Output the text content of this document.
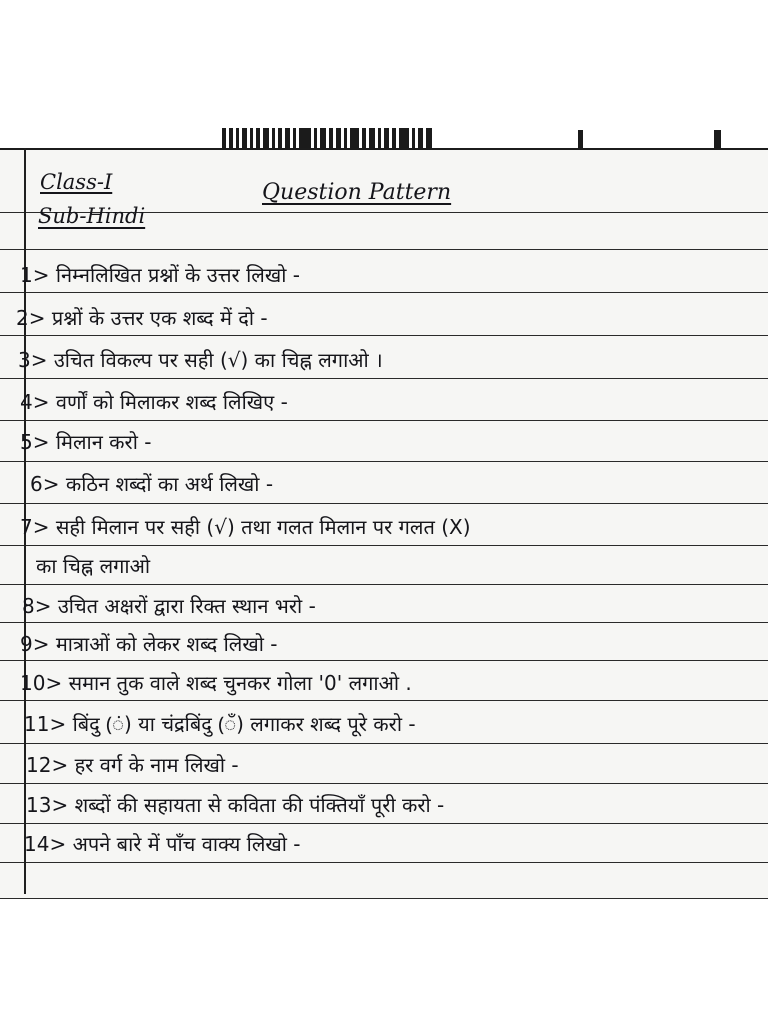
Class-I
Sub-Hindi
Question Pattern
1> निम्नलिखित प्रश्नों के उत्तर लिखो -
2> प्रश्नों के उत्तर एक शब्द में दो -
3> उचित विकल्प पर सही (√) का चिह्न लगाओ ।
4> वर्णों को मिलाकर शब्द लिखिए -
5> मिलान करो -
6> कठिन शब्दों का अर्थ लिखो -
7> सही मिलान पर सही (√) तथा गलत मिलान पर गलत (X)
का चिह्न लगाओ
8> उचित अक्षरों द्वारा रिक्त स्थान भरो -
9> मात्राओं को लेकर शब्द लिखो -
10> समान तुक वाले शब्द चुनकर गोला '0' लगाओ .
11> बिंदु (ं) या चंद्रबिंदु (ँ) लगाकर शब्द पूरे करो -
12> हर वर्ग के नाम लिखो -
13> शब्दों की सहायता से कविता की पंक्तियाँ पूरी करो -
14> अपने बारे में पाँच वाक्य लिखो -
